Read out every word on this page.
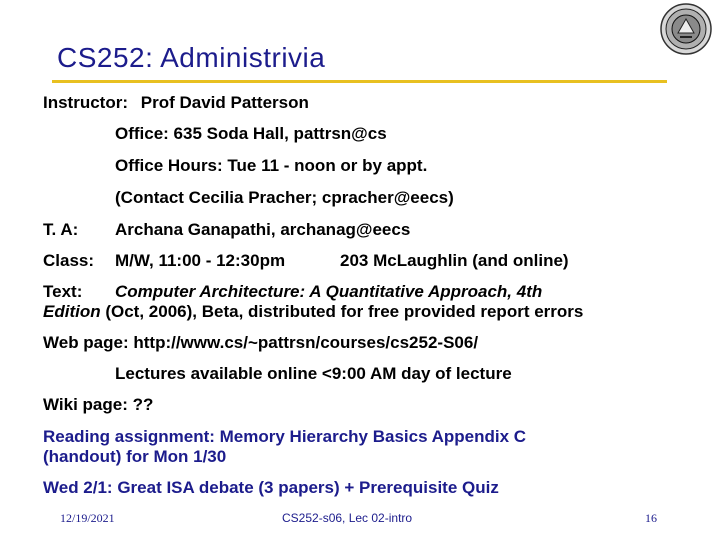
CS252: Administrivia
Instructor: Prof David Patterson
Office: 635 Soda Hall, pattrsn@cs
Office Hours: Tue 11 - noon or by appt.
(Contact Cecilia Pracher; cpracher@eecs)
T. A: Archana Ganapathi, archanag@eecs
Class: M/W, 11:00 - 12:30pm	203 McLaughlin (and online)
Text: Computer Architecture: A Quantitative Approach, 4th
Edition (Oct, 2006), Beta, distributed for free provided report errors
Web page: http://www.cs/~pattrsn/courses/cs252-S06/
Lectures available online <9:00 AM day of lecture
Wiki page: ??
Reading assignment: Memory Hierarchy Basics Appendix C
(handout) for Mon 1/30
Wed 2/1: Great ISA debate (3 papers) + Prerequisite Quiz
12/19/2021	CS252-s06, Lec 02-intro	16
